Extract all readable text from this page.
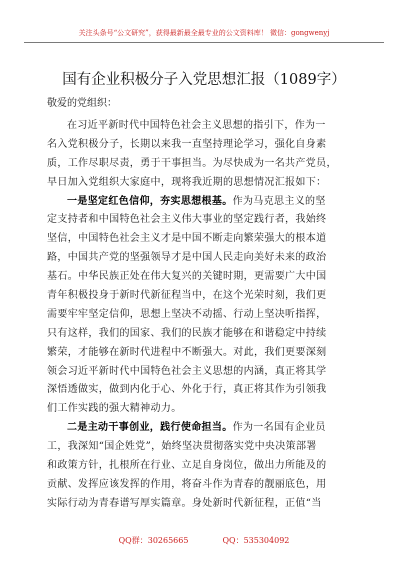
关注头条号“公文研究”，获得最新最全最专业的公文资料库！ 微信：gongwenyj
国有企业积极分子入党思想汇报（1089字）
敬爱的党组织：
在习近平新时代中国特色社会主义思想的指引下，作为一
名入党积极分子，长期以来我一直坚持理论学习，强化自身素
质，工作尽职尽责，勇于干事担当。为尽快成为一名共产党员，
早日加入党组织大家庭中，现将我近期的思想情况汇报如下：
一是坚定红色信仰，夯实思想根基。作为马克思主义的坚
定支持者和中国特色社会主义伟大事业的坚定践行者，我始终
坚信，中国特色社会主义才是中国不断走向繁荣强大的根本道
路，中国共产党的坚强领导才是中国人民走向美好未来的政治
基石。中华民族正处在伟大复兴的关键时期，更需要广大中国
青年积极投身于新时代新征程当中，在这个光荣时刻，我们更
需要牢牢坚定信仰，思想上坚决不动摇、行动上坚决听指挥，
只有这样，我们的国家、我们的民族才能够在和谐稳定中持续
繁荣，才能够在新时代进程中不断强大。对此，我们更要深刻
领会习近平新时代中国特色社会主义思想的内涵，真正将其学
深悟透做实，做到内化于心、外化于行，真正将其作为引领我
们工作实践的强大精神动力。
二是主动干事创业，践行使命担当。作为一名国有企业员
工，我深知“国企姓党”，始终坚决贯彻落实党中央决策部署
和政策方针，扎根所在行业、立足自身岗位，做出力所能及的
贡献、发挥应该发挥的作用，将奋斗作为青春的靓丽底色，用
实际行动为青春谱写厚实篇章。身处新时代新征程，正值“当
QQ群：30265665	QQ：535304092
